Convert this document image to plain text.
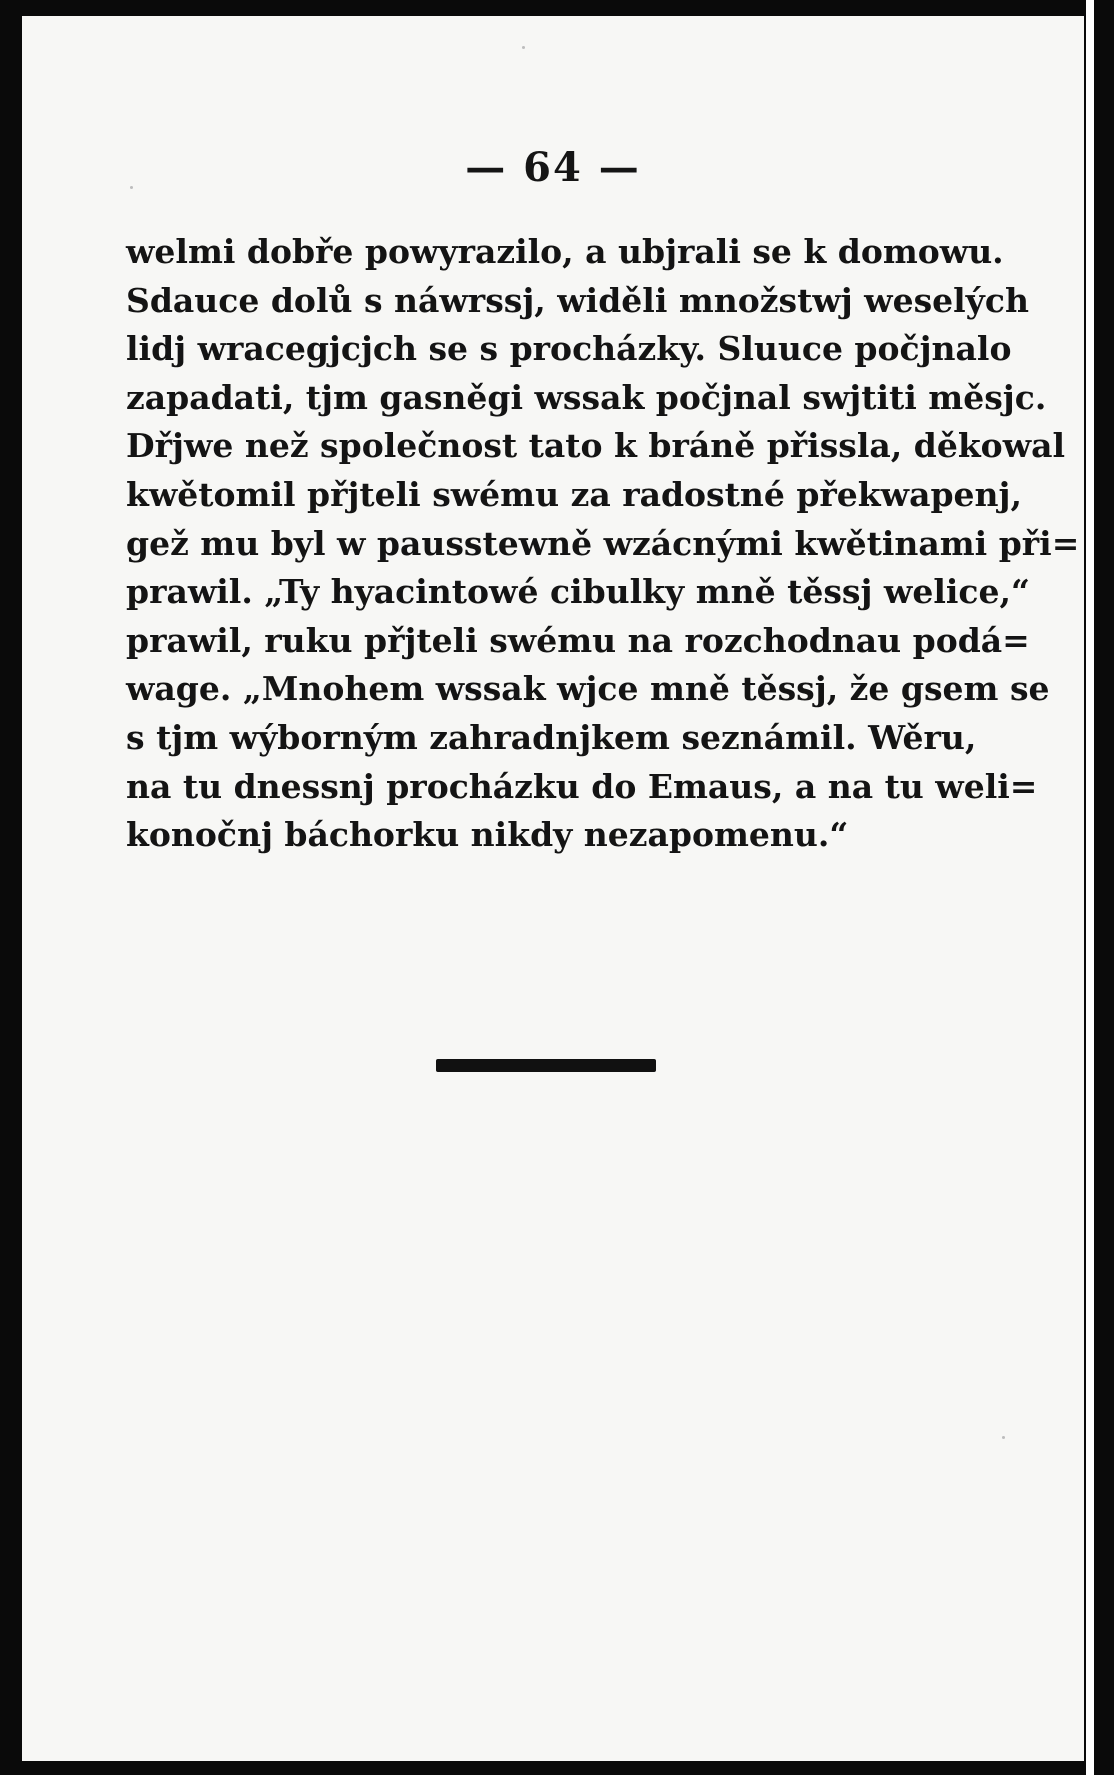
— 64 —
welmi dobře powyrazilo, a ubjrali se k domowu.
Sdauce dolů s náwrssj, widěli množstwj weselých
lidj wracegjcjch se s procházky. Sluuce počjnalo
zapadati, tjm gasněgi wssak počjnal swjtiti měsjc.
Dřjwe než společnost tato k bráně přissla, děkowal
kwětomil přjteli swému za radostné překwapenj,
gež mu byl w pausstewně wzácnými kwětinami při=
prawil. „Ty hyacintowé cibulky mně těssj welice,“
prawil, ruku přjteli swému na rozchodnau podá=
wage. „Mnohem wssak wjce mně těssj, že gsem se
s tjm wýborným zahradnjkem seznámil. Wěru,
na tu dnessnj procházku do Emaus, a na tu weli=
konočnj báchorku nikdy nezapomenu.“
